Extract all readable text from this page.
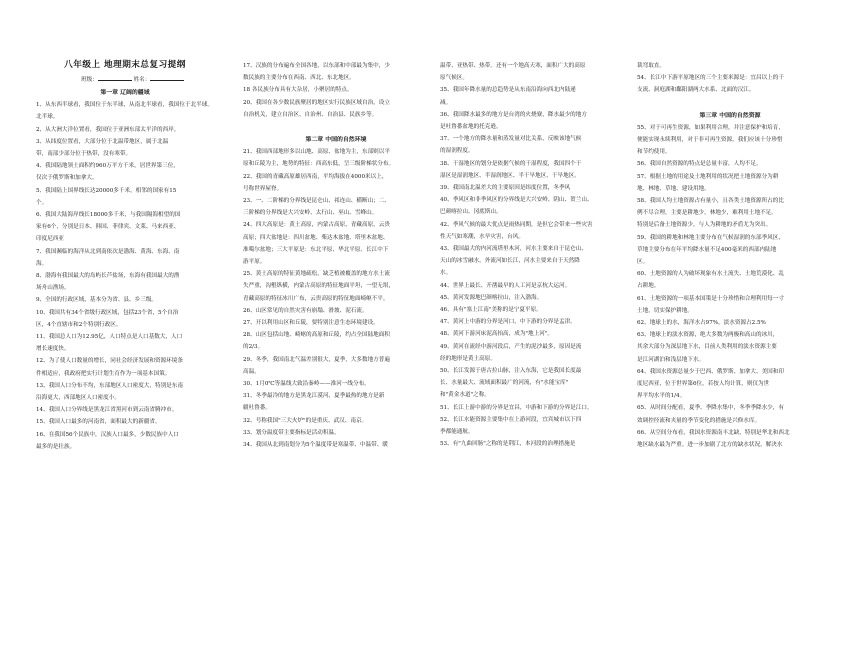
八年级上 地理期末总复习提纲
班级：	姓名：
第一章 辽阔的疆域
1、从东西半球看，我国位于东半球，从南北半球看，我国位于北半球。
北半球。
2、从大洲大洋位置看，我国位于亚洲东部太平洋的西岸。
3、从纬度位置看，大部分位于北温带地区，属于北温
带，南部少部分位于热带，没有寒带。
4、我国陆地领土面积约960万平方千米，居世界第三位，
仅次于俄罗斯和加拿大。
5、我国陆上国界线长达20000多千米，相邻的国家有15
个。
6、我国大陆海岸线长18000多千米，与我国隔海相望的国
家有6个，分别是日本、韩国、菲律宾、文莱、马来西亚、
印度尼西亚
7、我国濒临的海洋从北到南依次是渤海、黄海、东海、南
海。
8、渤海有我国最大的岛屿长芦盐场，东海有我国最大的渔
场舟山渔场。
9、全国的行政区域，基本分为省、县、乡三级。
10、我国共有34个省级行政区域，包括23个省，5个自治
区，4个直辖市和2个特别行政区。
11、我国总人口为12.95亿，人口特点是人口基数大，人口
增长速度快。
12、为了使人口数量的增长，同社会经济发展和资源环境条
件相适应，我政府把实行计划生育作为一项基本国策。
13、我国人口分布不均，东部地区人口密度大，特别是东南
沿海更大，西部地区人口密度小。
14、我国人口分界线是黑龙江省黑河市到云南省腾冲市。
15、我国人口最多的河南省，面积最大的新疆省。
16、在我国56个民族中，汉族人口最多，少数民族中人口
最多的是壮族。
17、汉族的分布遍布全国各地，以东部和中部最为集中，少
数民族的主要分布在西南、西北、东北地区。
18 各民族分布具有大杂居，小聚居的特点。
20、我国在各少数民族聚居的地区实行民族区域自治，设立
自治机关，建立自治区、自治州、自治县、民族乡等。

第二章 中国的自然环境
21、我国西部地形多以山地、高原、盆地为主，东部则以平
原和丘陵为主，地势的特征：西高东低，呈三级阶梯状分布。
22、我国的青藏高原雄居西南，平均海拔在4000米以上，
号称世界屋脊。
23、一、二阶梯的分界线是昆仑山、祁连山、横断山；二、
三阶梯的分界线是大兴安岭、太行山、巫山、雪峰山。
24、四大高原是：黄土高原，内蒙古高原，青藏高原，云贵
高原；四大盆地是：四川盆地、柴达木盆地、塔里木盆地、
准噶尔盆地；三大平原是：东北平原、华北平原、长江中下
游平原。
25、黄土高原的特征黄地疏松，缺乏植被覆盖的地方水土流
失严重，沟壑纵横，内蒙古高原的特征地面平坦，一望无垠，
青藏高原的特征冰川广布，云贵高原的特征地面崎岖不平。
26、山区常见的自然灾害有崩塌、滑坡、泥石流。
27、开以利用山区和丘陵，要特别注意生态环境建设。
28、山区包括山地、崎岖的高原和丘陵，约占全国陆地面积
的2/3。
29、冬季，我国南北气温差别很大，夏季，大多数地方普遍
高温。
30、1月0℃等温线大致沿秦岭——淮河一线分布。
31、冬季最冷的地方是黑龙江漠河，夏季最热的地方是新
疆吐鲁番。
32、号称我国"三大火炉"的是重庆、武汉、南京。
33、划分温度带主要指标是活动积温。
34、我国从北到南划分为5个温度带是寒温带、中温带、暖
温带、亚热带、热带。还有一个地高天寒，面积广大的高原
原气候区。
35、我国年降水量的总趋势是从东南沿海向西北内陆递
减。
36、我国降水最多的地方是台湾的火烧寮，降水最少的地方
是吐鲁番盆地的托克逊。
37、一个地方的降水量和蒸发量对比关系，反映该地气候
的湿润程度。
38、干湿地区的划分是依据气候的干湿程度，我国四个干
湿区是湿润地区、半湿润地区、半干旱地区、干旱地区。
39、我国南北温差大的主要原因是纬度位置，冬季风
40、季风区和非季风区的分界线是大兴安岭、阴山、贺兰山、
巴颜喀拉山、冈底斯山。
42、季风气候的最大优点是雨热同期，是但它会带来一些灾害
性天气如寒潮，水旱灾害，台风。
43、我国最大的内河流塔里木河，河水主要来自于昆仑山、
天山的冰雪融水，外流河如长江，河水主要来自于天然降
水。
44、世界上最长、开凿最早的人工河是京杭大运河。
45、黄河发源地巴颜喀拉山，注入渤海。
46、具有"塞上江南"美称的是宁夏平原。
47、黄河上中游的分界是河口，中下游的分界是孟津。
48、黄河下游河床泥高抬高，成为"地上河"。
49、黄河在流经中游河段后，产生的泥沙最多，原因是流
经的地形是黄土高原。
50、长江发源于唐古拉山脉，注入东海，它是我国长度最
长、水量最大、流域面积最广的河流，有"水能宝库"
和"黄金水道"之称。
51、长江上游中游的分界是宜昌，中游和下游的分界是江口。
52、长江水能资源主要集中在上游河段，宜宾城市以下四
季都能通航。
53、有"九曲回肠"之称的是荆江，本河段的治理措施是
裁弯取直。
54、长江中下游平原地区的三个主要米源是：宜昌以上的干
支流、洞庭湖和鄱阳湖两大水系、北面的汉江。

第三章 中国的自然资源
55、对于可再生资源，如果利用合理，并注意保护和培育，
便能实现永续利用，对于非可再生资源，我们应该十分珍惜
和节约使用。
56、我国自然资源的特点是总量丰富，人均不足。
57、根据土地的用途及土地利用的状况把土地资源分为耕
地、林地、草地、建设用地。
58、我国人均土地资源占有量小，且各类土地资源所占的比
例不尽合理，主要是耕地少，林地少，难利用土地不足。
特别是后备土地资源少，与人为耕地的矛盾尤为突出。
59、我国的耕地和林地主要分布在气候湿润的东部季风区，
草地主要分布在年平均降水量不足400毫米的西部内陆地
区。
60、土地资源的人为破坏现象有水土流失、土地荒漠化、乱
占耕地。
61、土地资源的一项基本国策是十分珍惜和合理利用每一寸
土地，切实保护耕地。
62、地球上的水，海洋水占97%，淡水资源占2.5%
63、地球上的淡水资源，绝大多数为两极和高山的冰川，
其余大部分为深层地下水，目前人类利用的淡水资源主要
是江河湖泊和浅层地下水。
64、我国水资源总量少于巴西、俄罗斯、加拿大、美国和印
度尼西亚，位于世界第6位，若按人均计算，则仅为世
界平均水平的1/4。
65、从时间分配看，夏季、季降水集中，冬季季降水少，有
效调控径流和夹量的季节变化的措施是兴修水库。
66、从空间分布看，我国水资源南丰北缺，特别是华北和西北
地区缺水最为严重。进一步加剧了北方的缺水状况，解决水
